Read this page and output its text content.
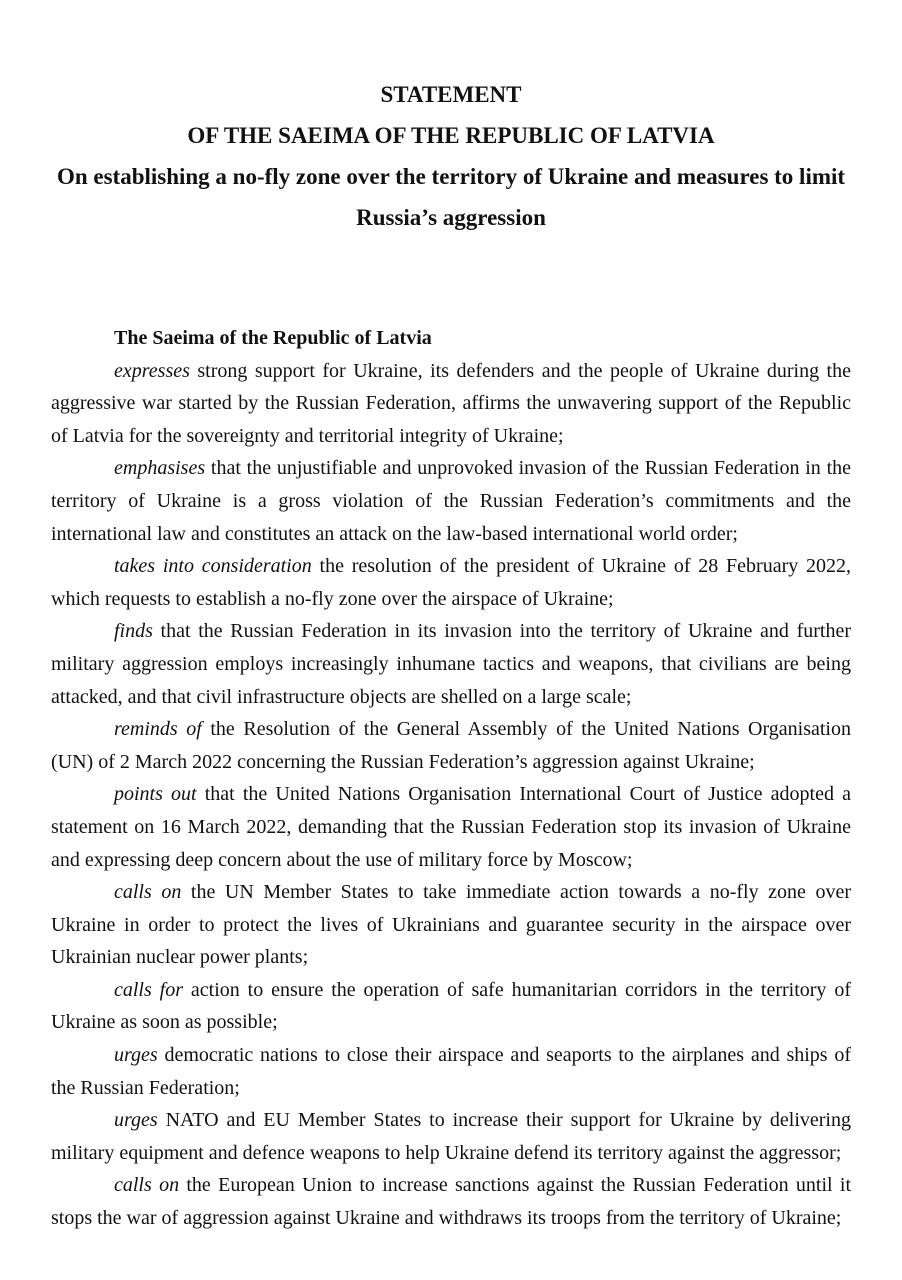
STATEMENT
OF THE SAEIMA OF THE REPUBLIC OF LATVIA
On establishing a no-fly zone over the territory of Ukraine and measures to limit Russia’s aggression

The Saeima of the Republic of Latvia

expresses strong support for Ukraine, its defenders and the people of Ukraine during the aggressive war started by the Russian Federation, affirms the unwavering support of the Republic of Latvia for the sovereignty and territorial integrity of Ukraine;

emphasises that the unjustifiable and unprovoked invasion of the Russian Federation in the territory of Ukraine is a gross violation of the Russian Federation’s commitments and the international law and constitutes an attack on the law-based international world order;

takes into consideration the resolution of the president of Ukraine of 28 February 2022, which requests to establish a no-fly zone over the airspace of Ukraine;

finds that the Russian Federation in its invasion into the territory of Ukraine and further military aggression employs increasingly inhumane tactics and weapons, that civilians are being attacked, and that civil infrastructure objects are shelled on a large scale;

reminds of the Resolution of the General Assembly of the United Nations Organisation (UN) of 2 March 2022 concerning the Russian Federation’s aggression against Ukraine;

points out that the United Nations Organisation International Court of Justice adopted a statement on 16 March 2022, demanding that the Russian Federation stop its invasion of Ukraine and expressing deep concern about the use of military force by Moscow;

calls on the UN Member States to take immediate action towards a no-fly zone over Ukraine in order to protect the lives of Ukrainians and guarantee security in the airspace over Ukrainian nuclear power plants;

calls for action to ensure the operation of safe humanitarian corridors in the territory of Ukraine as soon as possible;

urges democratic nations to close their airspace and seaports to the airplanes and ships of the Russian Federation;

urges NATO and EU Member States to increase their support for Ukraine by delivering military equipment and defence weapons to help Ukraine defend its territory against the aggressor;

calls on the European Union to increase sanctions against the Russian Federation until it stops the war of aggression against Ukraine and withdraws its troops from the territory of Ukraine;
